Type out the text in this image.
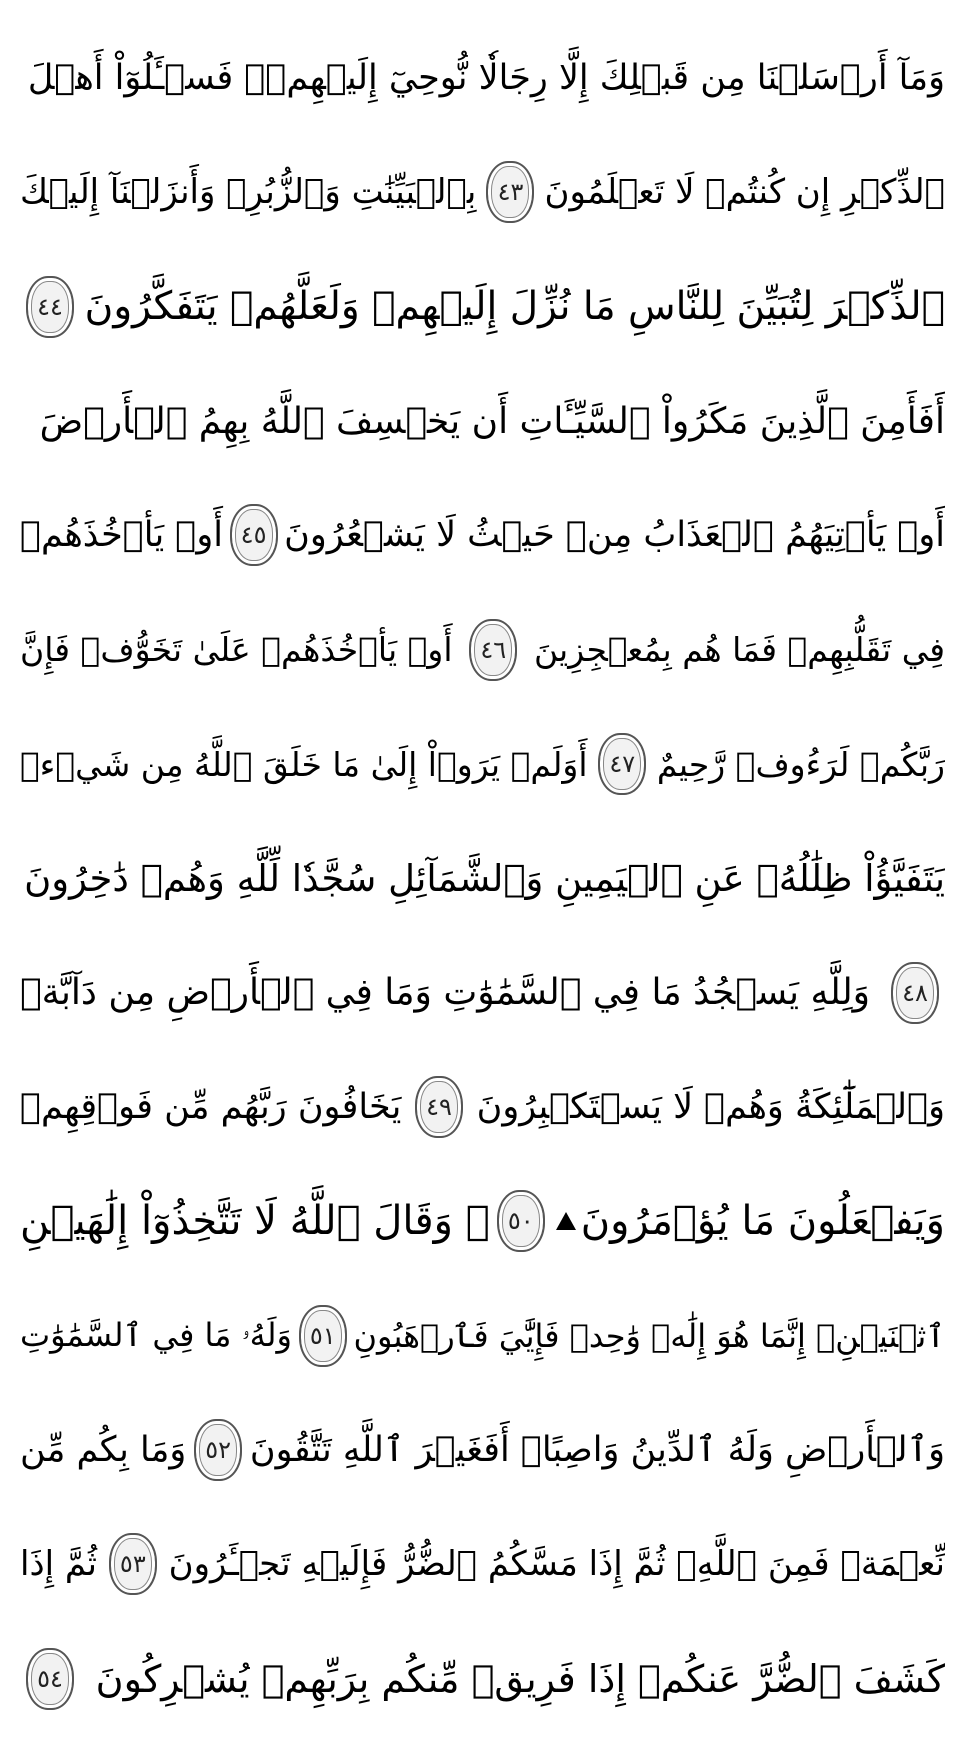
وَمَآ أَرۡسَلۡنَا مِن قَبۡلِكَ إِلَّا رِجَالٗا نُّوحِيٓ إِلَيۡهِمۡۖ فَسۡـَٔلُوٓاْ أَهۡلَ
ٱلذِّكۡرِ إِن كُنتُمۡ لَا تَعۡلَمُونَ
٤٣
بِٱلۡبَيِّنَٰتِ وَٱلزُّبُرِۗ وَأَنزَلۡنَآ إِلَيۡكَ
ٱلذِّكۡرَ لِتُبَيِّنَ لِلنَّاسِ مَا نُزِّلَ إِلَيۡهِمۡ وَلَعَلَّهُمۡ يَتَفَكَّرُونَ
٤٤
أَفَأَمِنَ ٱلَّذِينَ مَكَرُواْ ٱلسَّيِّـَٔاتِ أَن يَخۡسِفَ ٱللَّهُ بِهِمُ ٱلۡأَرۡضَ
أَوۡ يَأۡتِيَهُمُ ٱلۡعَذَابُ مِنۡ حَيۡثُ لَا يَشۡعُرُونَ
٤٥
أَوۡ يَأۡخُذَهُمۡ
فِي تَقَلُّبِهِمۡ فَمَا هُم بِمُعۡجِزِينَ
٤٦
أَوۡ يَأۡخُذَهُمۡ عَلَىٰ تَخَوُّفٖ فَإِنَّ
رَبَّكُمۡ لَرَءُوفٞ رَّحِيمٌ
٤٧
أَوَلَمۡ يَرَوۡاْ إِلَىٰ مَا خَلَقَ ٱللَّهُ مِن شَيۡءٖ
يَتَفَيَّؤُاْ ظِلَٰلُهُۥ عَنِ ٱلۡيَمِينِ وَٱلشَّمَآئِلِ سُجَّدٗا لِّلَّهِ وَهُمۡ دَٰخِرُونَ
٤٨
وَلِلَّهِ يَسۡجُدُ مَا فِي ٱلسَّمَٰوَٰتِ وَمَا فِي ٱلۡأَرۡضِ مِن دَآبَّةٖ
وَٱلۡمَلَٰٓئِكَةُ وَهُمۡ لَا يَسۡتَكۡبِرُونَ
٤٩
يَخَافُونَ رَبَّهُم مِّن فَوۡقِهِمۡ
وَيَفۡعَلُونَ مَا يُؤۡمَرُونَ
٥٠
۞ وَقَالَ ٱللَّهُ لَا تَتَّخِذُوٓاْ إِلَٰهَيۡنِ
ٱثۡنَيۡنِۖ إِنَّمَا هُوَ إِلَٰهٞ وَٰحِدٞ فَإِيَّٰيَ فَٱرۡهَبُونِ
٥١
وَلَهُۥ مَا فِي ٱلسَّمَٰوَٰتِ
وَٱلۡأَرۡضِ وَلَهُ ٱلدِّينُ وَاصِبًاۚ أَفَغَيۡرَ ٱللَّهِ تَتَّقُونَ
٥٢
وَمَا بِكُم مِّن
نِّعۡمَةٖ فَمِنَ ٱللَّهِۖ ثُمَّ إِذَا مَسَّكُمُ ٱلضُّرُّ فَإِلَيۡهِ تَجۡـَٔرُونَ
٥٣
ثُمَّ إِذَا
كَشَفَ ٱلضُّرَّ عَنكُمۡ إِذَا فَرِيقٞ مِّنكُم بِرَبِّهِمۡ يُشۡرِكُونَ
٥٤
